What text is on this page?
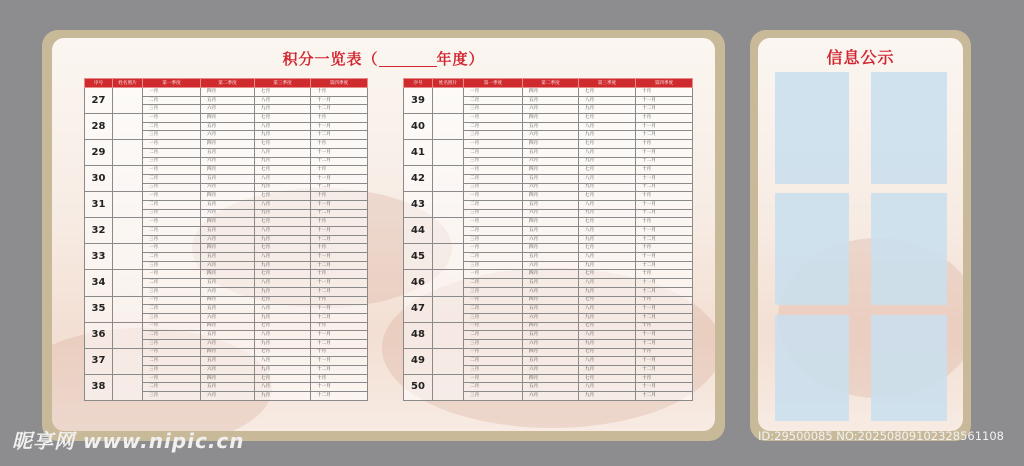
积分一览表（	年度）
序号	姓名照片	第一季度	第二季度	第三季度	第四季度
27		一月	四月	七月	十月
		二月	五月	八月	十一月
		三月	六月	九月	十二月
28		一月	四月	七月	十月
		二月	五月	八月	十一月
		三月	六月	九月	十二月
29		一月	四月	七月	十月
		二月	五月	八月	十一月
		三月	六月	九月	十二月
30		一月	四月	七月	十月
		二月	五月	八月	十一月
		三月	六月	九月	十二月
31		一月	四月	七月	十月
		二月	五月	八月	十一月
		三月	六月	九月	十二月
32		一月	四月	七月	十月
		二月	五月	八月	十一月
		三月	六月	九月	十二月
33		一月	四月	七月	十月
		二月	五月	八月	十一月
		三月	六月	九月	十二月
34		一月	四月	七月	十月
		二月	五月	八月	十一月
		三月	六月	九月	十二月
35		一月	四月	七月	十月
		二月	五月	八月	十一月
		三月	六月	九月	十二月
36		一月	四月	七月	十月
		二月	五月	八月	十一月
		三月	六月	九月	十二月
37		一月	四月	七月	十月
		二月	五月	八月	十一月
		三月	六月	九月	十二月
38		一月	四月	七月	十月
		二月	五月	八月	十一月
		三月	六月	九月	十二月
序号	姓名照片	第一季度	第二季度	第三季度	第四季度
39		一月	四月	七月	十月
		二月	五月	八月	十一月
		三月	六月	九月	十二月
40		一月	四月	七月	十月
		二月	五月	八月	十一月
		三月	六月	九月	十二月
41		一月	四月	七月	十月
		二月	五月	八月	十一月
		三月	六月	九月	十二月
42		一月	四月	七月	十月
		二月	五月	八月	十一月
		三月	六月	九月	十二月
43		一月	四月	七月	十月
		二月	五月	八月	十一月
		三月	六月	九月	十二月
44		一月	四月	七月	十月
		二月	五月	八月	十一月
		三月	六月	九月	十二月
45		一月	四月	七月	十月
		二月	五月	八月	十一月
		三月	六月	九月	十二月
46		一月	四月	七月	十月
		二月	五月	八月	十一月
		三月	六月	九月	十二月
47		一月	四月	七月	十月
		二月	五月	八月	十一月
		三月	六月	九月	十二月
48		一月	四月	七月	十月
		二月	五月	八月	十一月
		三月	六月	九月	十二月
49		一月	四月	七月	十月
		二月	五月	八月	十一月
		三月	六月	九月	十二月
50		一月	四月	七月	十月
		二月	五月	八月	十一月
		三月	六月	九月	十二月
信息公示
昵享网 www.nipic.cn	ID:29500085 NO:20250809102328561108
